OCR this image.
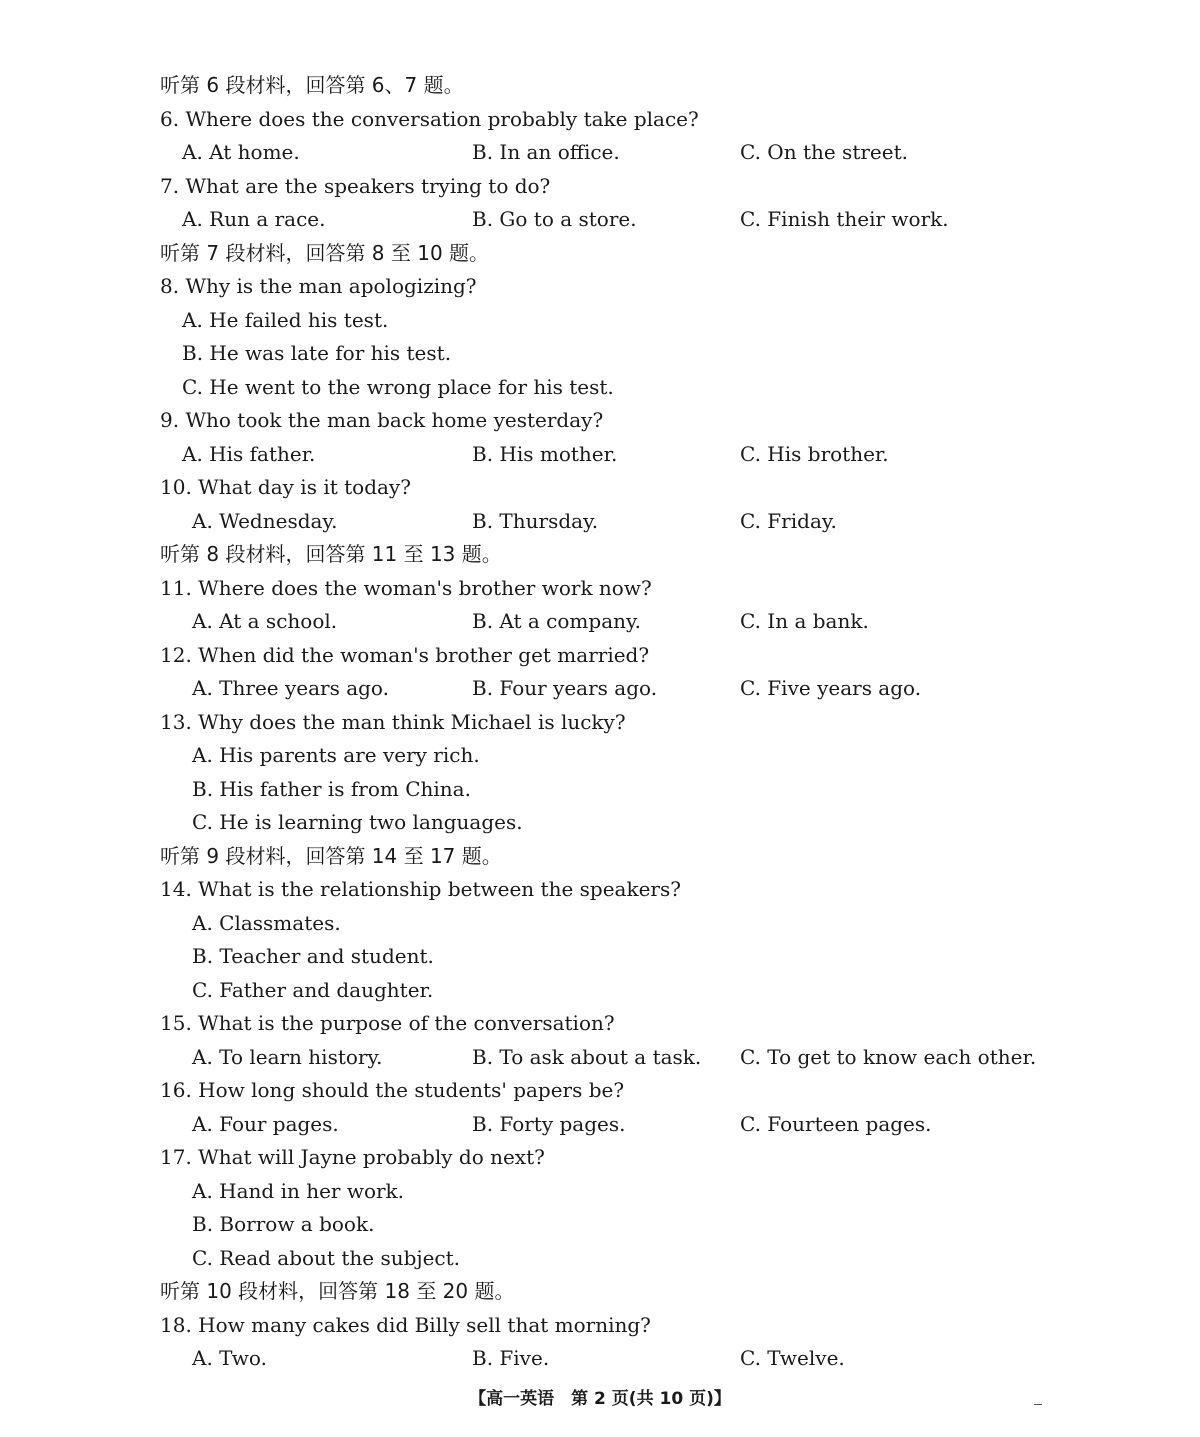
听第 6 段材料，回答第 6、7 题。
6. Where does the conversation probably take place?
A. At home.	B. In an office.	C. On the street.
7. What are the speakers trying to do?
A. Run a race.	B. Go to a store.	C. Finish their work.
听第 7 段材料，回答第 8 至 10 题。
8. Why is the man apologizing?
A. He failed his test.
B. He was late for his test.
C. He went to the wrong place for his test.
9. Who took the man back home yesterday?
A. His father.	B. His mother.	C. His brother.
10. What day is it today?
A. Wednesday.	B. Thursday.	C. Friday.
听第 8 段材料，回答第 11 至 13 题。
11. Where does the woman's brother work now?
A. At a school.	B. At a company.	C. In a bank.
12. When did the woman's brother get married?
A. Three years ago.	B. Four years ago.	C. Five years ago.
13. Why does the man think Michael is lucky?
A. His parents are very rich.
B. His father is from China.
C. He is learning two languages.
听第 9 段材料，回答第 14 至 17 题。
14. What is the relationship between the speakers?
A. Classmates.
B. Teacher and student.
C. Father and daughter.
15. What is the purpose of the conversation?
A. To learn history.	B. To ask about a task. C. To get to know each other.
16. How long should the students' papers be?
A. Four pages.	B. Forty pages.	C. Fourteen pages.
17. What will Jayne probably do next?
A. Hand in her work.
B. Borrow a book.
C. Read about the subject.
听第 10 段材料，回答第 18 至 20 题。
18. How many cakes did Billy sell that morning?
A. Two.	B. Five.	C. Twelve.
【高一英语　第 2 页(共 10 页)】
